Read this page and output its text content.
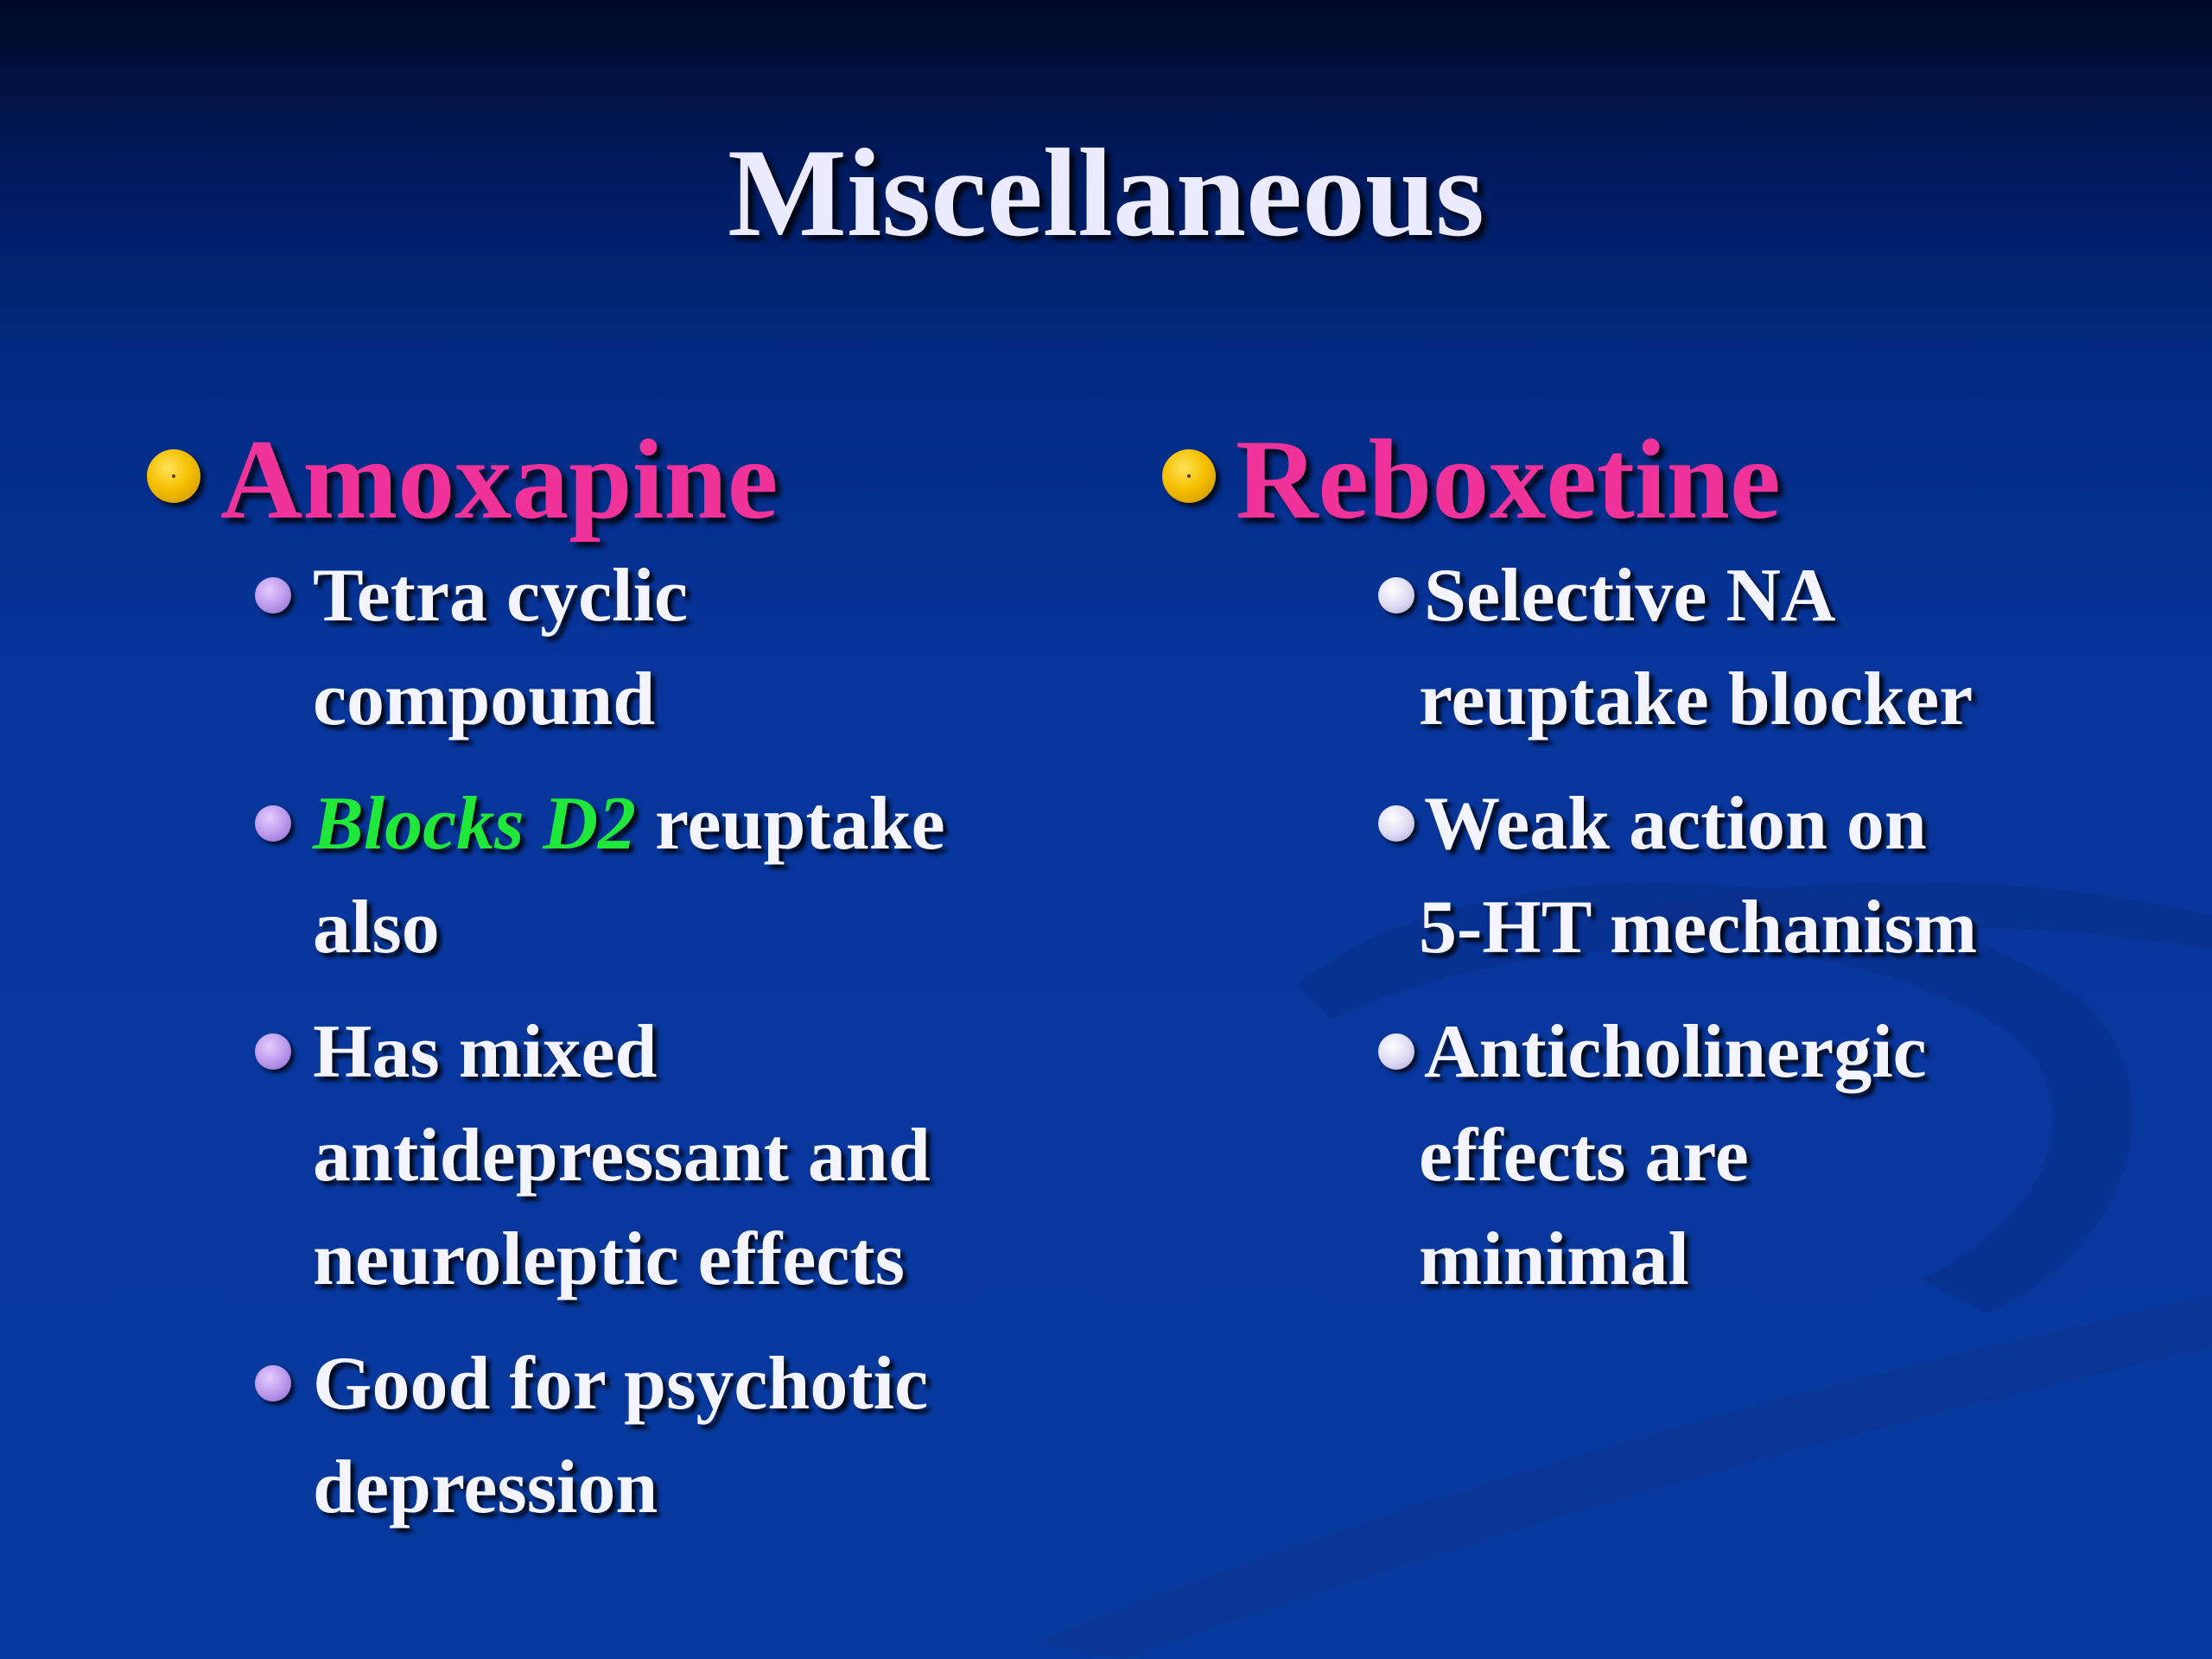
Miscellaneous
Amoxapine
Tetra cyclic
compound
Blocks D2 reuptake
also
Has mixed
antidepressant and
neuroleptic effects
Good for psychotic
depression
Reboxetine
Selective NA
reuptake blocker
Weak action on
5-HT mechanism
Anticholinergic
effects are
minimal
